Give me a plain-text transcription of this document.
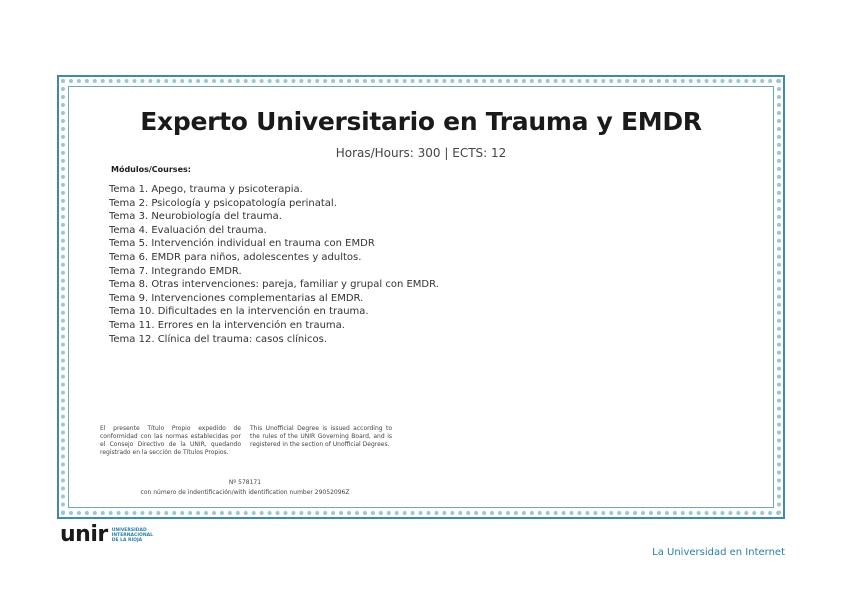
Experto Universitario en Trauma y EMDR
Horas/Hours: 300 | ECTS: 12
Módulos/Courses:
Tema 1. Apego, trauma y psicoterapia.
Tema 2. Psicología y psicopatología perinatal.
Tema 3. Neurobiología del trauma.
Tema 4. Evaluación del trauma.
Tema 5. Intervención individual en trauma con EMDR
Tema 6. EMDR para niños, adolescentes y adultos.
Tema 7. Integrando EMDR.
Tema 8. Otras intervenciones: pareja, familiar y grupal con EMDR.
Tema 9. Intervenciones complementarias al EMDR.
Tema 10. Dificultades en la intervención en trauma.
Tema 11. Errores en la intervención en trauma.
Tema 12. Clínica del trauma: casos clínicos.
El presente Título Propio expedido de conformidad con las normas establecidas por el Consejo Directivo de la UNIR, quedando registrado en la sección de Títulos Propios.
This Unofficial Degree is issued according to the rules of the UNIR Governing Board, and is registered in the section of Unofficial Degrees.
Nº 578171
con número de indentificación/with identification number 29052096Z
unir UNIVERSIDAD
INTERNACIONAL
DE LA RIOJA
La Universidad en Internet
